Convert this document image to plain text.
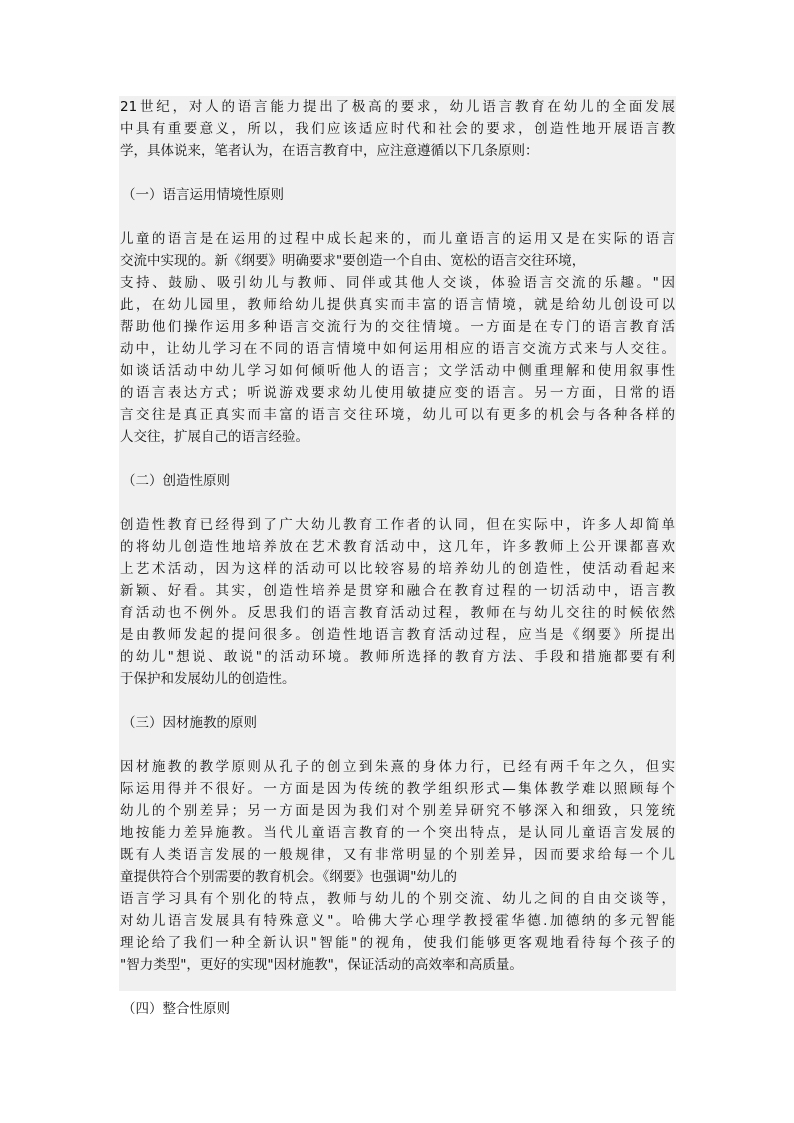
21世纪，对人的语言能力提出了极高的要求，幼儿语言教育在幼儿的全面发展
中具有重要意义，所以，我们应该适应时代和社会的要求，创造性地开展语言教
学，具体说来，笔者认为，在语言教育中，应注意遵循以下几条原则：
（一）语言运用情境性原则
儿童的语言是在运用的过程中成长起来的，而儿童语言的运用又是在实际的语言
交流中实现的。新《纲要》明确要求"要创造一个自由、宽松的语言交往环境，
支持、鼓励、吸引幼儿与教师、同伴或其他人交谈，体验语言交流的乐趣。"因
此，在幼儿园里，教师给幼儿提供真实而丰富的语言情境，就是给幼儿创设可以
帮助他们操作运用多种语言交流行为的交往情境。一方面是在专门的语言教育活
动中，让幼儿学习在不同的语言情境中如何运用相应的语言交流方式来与人交往。
如谈话活动中幼儿学习如何倾听他人的语言；文学活动中侧重理解和使用叙事性
的语言表达方式；听说游戏要求幼儿使用敏捷应变的语言。另一方面，日常的语
言交往是真正真实而丰富的语言交往环境，幼儿可以有更多的机会与各种各样的
人交往，扩展自己的语言经验。
（二）创造性原则
创造性教育已经得到了广大幼儿教育工作者的认同，但在实际中，许多人却简单
的将幼儿创造性地培养放在艺术教育活动中，这几年，许多教师上公开课都喜欢
上艺术活动，因为这样的活动可以比较容易的培养幼儿的创造性，使活动看起来
新颖、好看。其实，创造性培养是贯穿和融合在教育过程的一切活动中，语言教
育活动也不例外。反思我们的语言教育活动过程，教师在与幼儿交往的时候依然
是由教师发起的提问很多。创造性地语言教育活动过程，应当是《纲要》所提出
的幼儿"想说、敢说"的活动环境。教师所选择的教育方法、手段和措施都要有利
于保护和发展幼儿的创造性。
（三）因材施教的原则
因材施教的教学原则从孔子的创立到朱熹的身体力行，已经有两千年之久，但实
际运用得并不很好。一方面是因为传统的教学组织形式—集体教学难以照顾每个
幼儿的个别差异；另一方面是因为我们对个别差异研究不够深入和细致，只笼统
地按能力差异施教。当代儿童语言教育的一个突出特点，是认同儿童语言发展的
既有人类语言发展的一般规律，又有非常明显的个别差异，因而要求给每一个儿
童提供符合个别需要的教育机会。《纲要》也强调"幼儿的
语言学习具有个别化的特点，教师与幼儿的个别交流、幼儿之间的自由交谈等，
对幼儿语言发展具有特殊意义"。哈佛大学心理学教授霍华德.加德纳的多元智能
理论给了我们一种全新认识"智能"的视角，使我们能够更客观地看待每个孩子的
"智力类型"，更好的实现"因材施教"，保证活动的高效率和高质量。
（四）整合性原则
